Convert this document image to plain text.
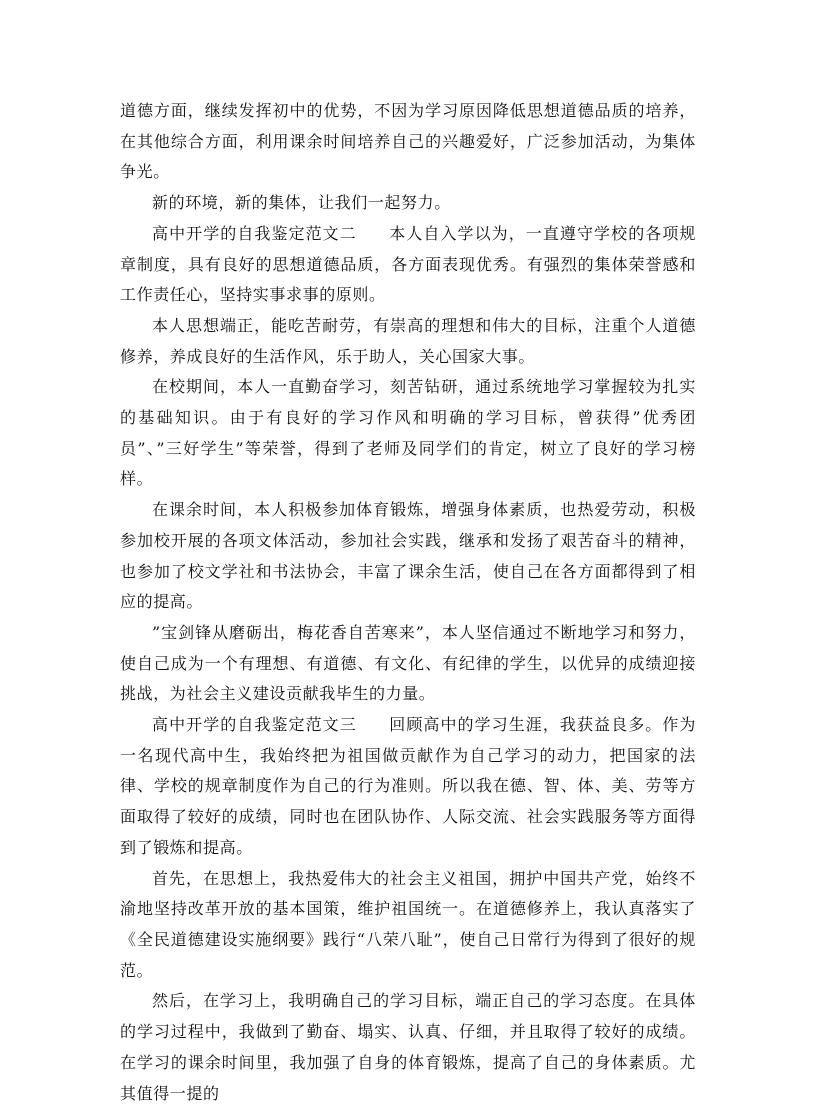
道德方面，继续发挥初中的优势，不因为学习原因降低思想道德品质的培养，在其他综合方面，利用课余时间培养自己的兴趣爱好，广泛参加活动，为集体争光。

新的环境，新的集体，让我们一起努力。

高中开学的自我鉴定范文二 本人自入学以为，一直遵守学校的各项规章制度，具有良好的思想道德品质，各方面表现优秀。有强烈的集体荣誉感和工作责任心，坚持实事求事的原则。

本人思想端正，能吃苦耐劳，有崇高的理想和伟大的目标，注重个人道德修养，养成良好的生活作风，乐于助人，关心国家大事。

在校期间，本人一直勤奋学习，刻苦钻研，通过系统地学习掌握较为扎实的基础知识。由于有良好的学习作风和明确的学习目标，曾获得”优秀团员”、”三好学生”等荣誉，得到了老师及同学们的肯定，树立了良好的学习榜样。

在课余时间，本人积极参加体育锻炼，增强身体素质，也热爱劳动，积极参加校开展的各项文体活动，参加社会实践，继承和发扬了艰苦奋斗的精神，也参加了校文学社和书法协会，丰富了课余生活，使自己在各方面都得到了相应的提高。

”宝剑锋从磨砺出，梅花香自苦寒来”，本人坚信通过不断地学习和努力，使自己成为一个有理想、有道德、有文化、有纪律的学生，以优异的成绩迎接挑战，为社会主义建设贡献我毕生的力量。

高中开学的自我鉴定范文三 回顾高中的学习生涯，我获益良多。作为一名现代高中生，我始终把为祖国做贡献作为自己学习的动力，把国家的法律、学校的规章制度作为自己的行为准则。所以我在德、智、体、美、劳等方面取得了较好的成绩，同时也在团队协作、人际交流、社会实践服务等方面得到了锻炼和提高。

首先，在思想上，我热爱伟大的社会主义祖国，拥护中国共产党，始终不渝地坚持改革开放的基本国策，维护祖国统一。在道德修养上，我认真落实了《全民道德建设实施纲要》践行“八荣八耻”，使自己日常行为得到了很好的规范。

然后，在学习上，我明确自己的学习目标，端正自己的学习态度。在具体的学习过程中，我做到了勤奋、塌实、认真、仔细，并且取得了较好的成绩。在学习的课余时间里，我加强了自身的体育锻炼，提高了自己的身体素质。尤其值得一提的
